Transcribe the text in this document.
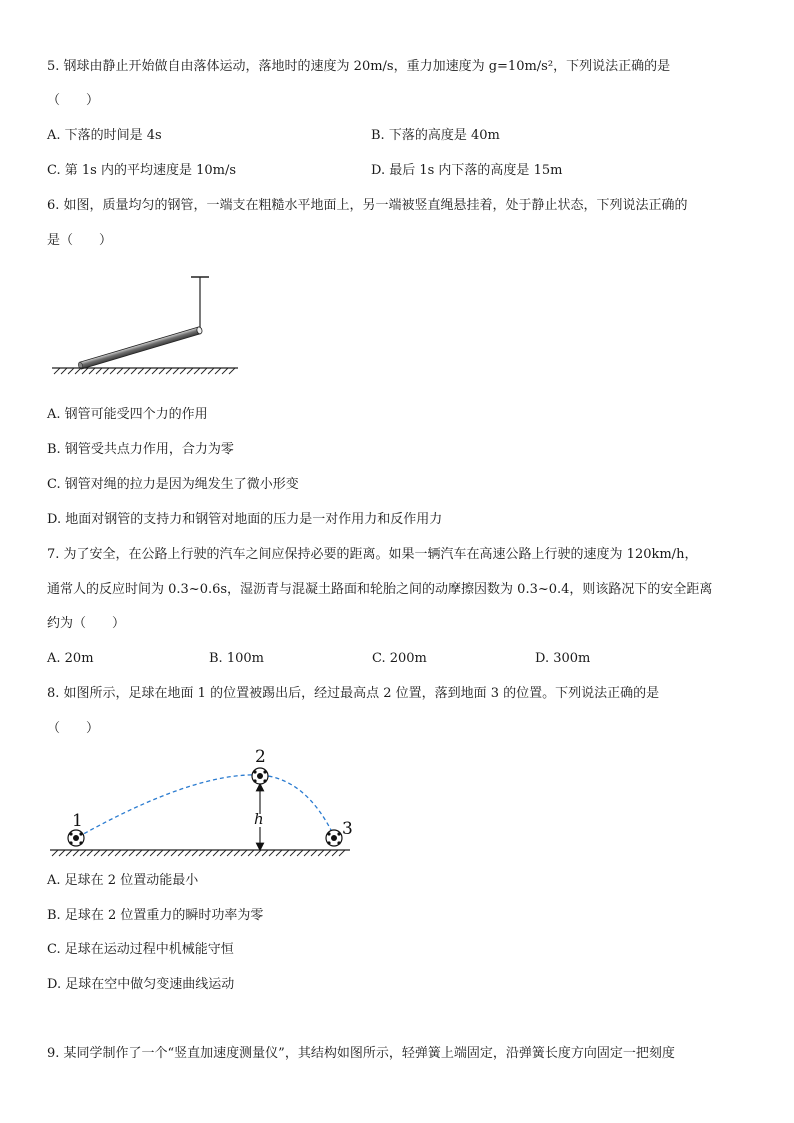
5. 钢球由静止开始做自由落体运动，落地时的速度为 20m/s，重力加速度为 g=10m/s²，下列说法正确的是
（　　）
A. 下落的时间是 4s	B. 下落的高度是 40m
C. 第 1s 内的平均速度是 10m/s	D. 最后 1s 内下落的高度是 15m
6. 如图，质量均匀的钢管，一端支在粗糙水平地面上，另一端被竖直绳悬挂着，处于静止状态，下列说法正确的
是（　　）
A. 钢管可能受四个力的作用
B. 钢管受共点力作用，合力为零
C. 钢管对绳的拉力是因为绳发生了微小形变
D. 地面对钢管的支持力和钢管对地面的压力是一对作用力和反作用力
7. 为了安全，在公路上行驶的汽车之间应保持必要的距离。如果一辆汽车在高速公路上行驶的速度为 120km/h，
通常人的反应时间为 0.3~0.6s，湿沥青与混凝土路面和轮胎之间的动摩擦因数为 0.3~0.4，则该路况下的安全距离
约为（　　）
A. 20m	B. 100m	C. 200m	D. 300m
8. 如图所示，足球在地面 1 的位置被踢出后，经过最高点 2 位置，落到地面 3 的位置。下列说法正确的是
（　　）
h
1
2
3
A. 足球在 2 位置动能最小
B. 足球在 2 位置重力的瞬时功率为零
C. 足球在运动过程中机械能守恒
D. 足球在空中做匀变速曲线运动
9. 某同学制作了一个“竖直加速度测量仪”，其结构如图所示，轻弹簧上端固定，沿弹簧长度方向固定一把刻度
